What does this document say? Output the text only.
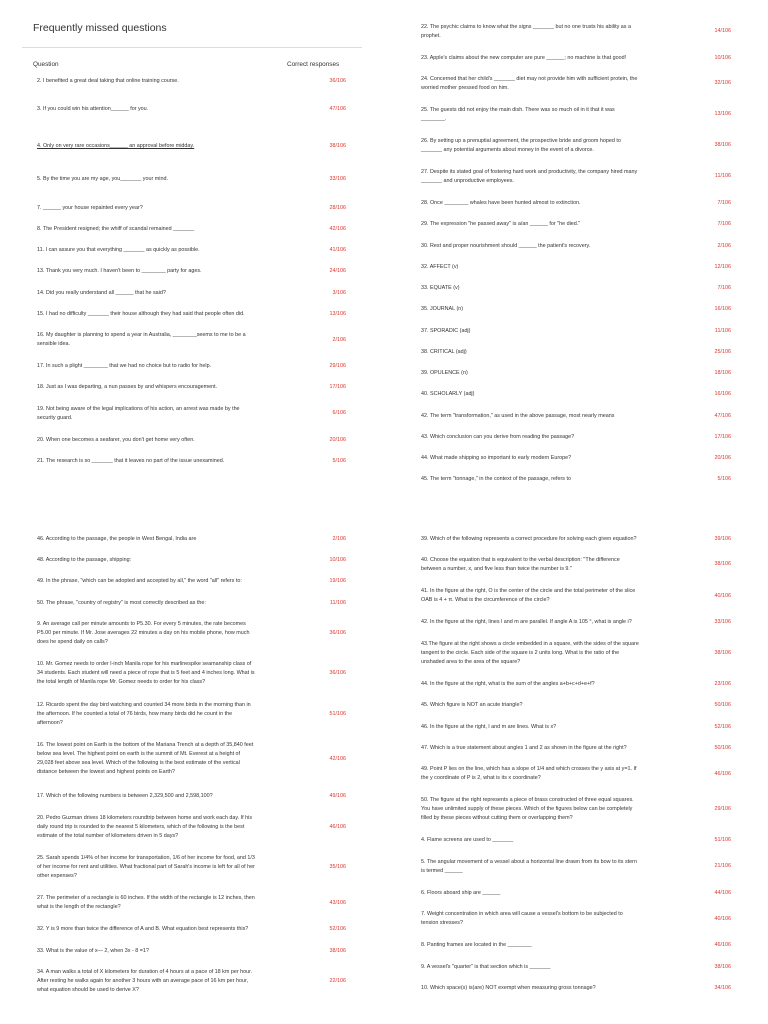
Frequently missed questions
Question	Correct responses
2. I benefited a great deal taking that online training course.	36/106
3. If you could win his attention______ for you.	47/106
4. Only on very rare occasions______ an approval before midday.	38/106
5. By the time you are my age, you_______ your mind.	33/106
7. ______ your house repainted every year?	28/106
8. The President resigned; the whiff of scandal remained _______	42/106
11. I can assure you that everything _______ as quickly as possible.	41/106
13. Thank you very much. I haven't been to ________ party for ages.	24/106
14. Did you really understand all ______ that he said?	3/106
15. I had no difficulty _______ their house although they had said that people often did.	13/106
16. My daughter is planning to spend a year in Australia, ________seems to me to be a
sensible idea.
2/106
17. In such a plight ________ that we had no choice but to radio for help.	29/106
18. Just as I was departing, a nun passes by and whispers encouragement.	17/106
19. Not being aware of the legal implications of his action, an arrest was made by the
security guard.
6/106
20. When one becomes a seafarer, you don't get home very often.	20/106
21. The research is so _______ that it leaves no part of the issue unexamined.	5/106
22. The psychic claims to know what the signs _______ but no one trusts his ability as a
prophet.
14/106
23. Apple's claims about the new computer are pure ______; no machine is that good!	10/106
24. Concerned that her child's _______ diet may not provide him with sufficient protein, the
worried mother pressed food on him.
32/106
25. The guests did not enjoy the main dish. There was so much oil in it that it was
________.
13/106
26. By setting up a prenuptial agreement, the prospective bride and groom hoped to
_______ any potential arguments about money in the event of a divorce.
38/106
27. Despite its stated goal of fostering hard work and productivity, the company hired many
_______ and unproductive employees.
11/106
28. Once ________ whales have been hunted almost to extinction.	7/106
29. The expression "he passed away" is a/an ______ for "he died."	7/106
30. Rest and proper nourishment should ______ the patient's recovery.	2/106
32. AFFECT (v)	12/106
33. EQUATE (v)	7/106
35. JOURNAL (n)	16/106
37. SPORADIC (adj)	11/106
38. CRITICAL (adj)	25/106
39. OPULENCE (n)	18/106
40. SCHOLARLY (adj)	16/106
42. The term "transformation," as used in the above passage, most nearly means	47/106
43. Which conclusion can you derive from reading the passage?	17/106
44. What made shipping so important to early modern Europe?	20/106
45. The term "tonnage," in the context of the passage, refers to	5/106
46. According to the passage, the people in West Bengal, India are	2/106
48. According to the passage, shipping:	10/106
49. In the phrase, "which can be adopted and accepted by all," the word "all" refers to:	19/106
50. The phrase, "country of registry" is most correctly described as the:	11/106
9. An average call per minute amounts to P5.30. For every 5 minutes, the rate becomes
P5.00 per minute. If Mr. Jose averages 22 minutes a day on his mobile phone, how much
does he spend daily on calls?
36/106
10. Mr. Gomez needs to order I-inch Manila rope for his marlinespike seamanship class of
34 students. Each student will need a piece of rope that is 5 feet and 4 inches long. What is
the total length of Manila rope Mr. Gomez needs to order for his class?
36/106
12. Ricardo spent the day bird watching and counted 34 more birds in the morning than in
the afternoon. If he counted a total of 76 birds, how many birds did he count in the
afternoon?
51/106
16. The lowest point on Earth is the bottom of the Mariana Trench at a depth of 35,840 feet
below sea level. The highest point on earth is the summit of Mt. Everest at a height of
29,028 feet above sea level. Which of the following is the best estimate of the vertical
distance between the lowest and highest points on Earth?
42/106
17. Which of the following numbers is between 2,329,500 and 2,598,100?	49/106
20. Pedro Guzman drives 18 kilometers roundtrip between home and work each day. If his
daily round trip is rounded to the nearest 5 kilometers, which of the following is the best
estimate of the total number of kilometers driven in 5 days?
46/106
25. Sarah spends 1/4% of her income for transportation, 1/6 of her income for food, and 1/3
of her income for rent and utilities. What fractional part of Sarah's income is left for all of her
other expenses?
35/106
27. The perimeter of a rectangle is 60 inches. If the width of the rectangle is 12 inches, then
what is the length of the rectangle?
43/106
32. Y is 9 more than twice the difference of A and B. What equation best represents this?	52/106
33. What is the value of x— 2, when 3x - 8 =1?	38/106
34. A man walks a total of X kilometers for duration of 4 hours at a pace of 18 km per hour.
After resting he walks again for another 3 hours with an average pace of 16 km per hour,
what equation should be used to derive X?
22/106
39. Which of the following represents a correct procedure for solving each given equation?	39/106
40. Choose the equation that is equivalent to the verbal description: "The difference
between a number, x, and five less than twice the number is 9."
38/106
41. In the figure at the right, O is the center of the circle and the total perimeter of the slice
OAB is 4 + π. What is the circumference of the circle?
40/106
42. In the figure at the right, lines l and m are parallel. If angle A is 105 °, what is angle i?	33/106
43.The figure at the right shows a circle embedded in a square, with the sides of the square
tangent to the circle. Each side of the square is 2 units long. What is the ratio of the
unshaded area to the area of the square?
38/106
44. In the figure at the right, what is the sum of the angles a+b+c+d+e+f?	23/106
45. Which figure is NOT an acute triangle?	50/106
46. In the figure at the right, l and m are lines. What is x?	52/106
47. Which is a true statement about angles 1 and 2 as shown in the figure at the right?	50/106
49. Point P lies on the line, which has a slope of 1/4 and which crosses the y axis at y=1. If
the y coordinate of P is 2, what is its x coordinate?
46/106
50. The figure at the right represents a piece of brass constructed of three equal squares.
You have unlimited supply of these pieces. Which of the figures below can be completely
filled by these pieces without cutting them or overlapping them?
29/106
4. Flame screens are used to _______	51/106
5. The angular movement of a vessel about a horizontal line drawn from its bow to its stern
is termed ______
21/106
6. Floors aboard ship are ______	44/106
7. Weight concentration in which area will cause a vessel's bottom to be subjected to
tension stresses?
40/106
8. Panting frames are located in the ________	46/106
9. A vessel's "quarter" is that section which is _______	38/106
10. Which space(s) is(are) NOT exempt when measuring gross tonnage?	34/106
